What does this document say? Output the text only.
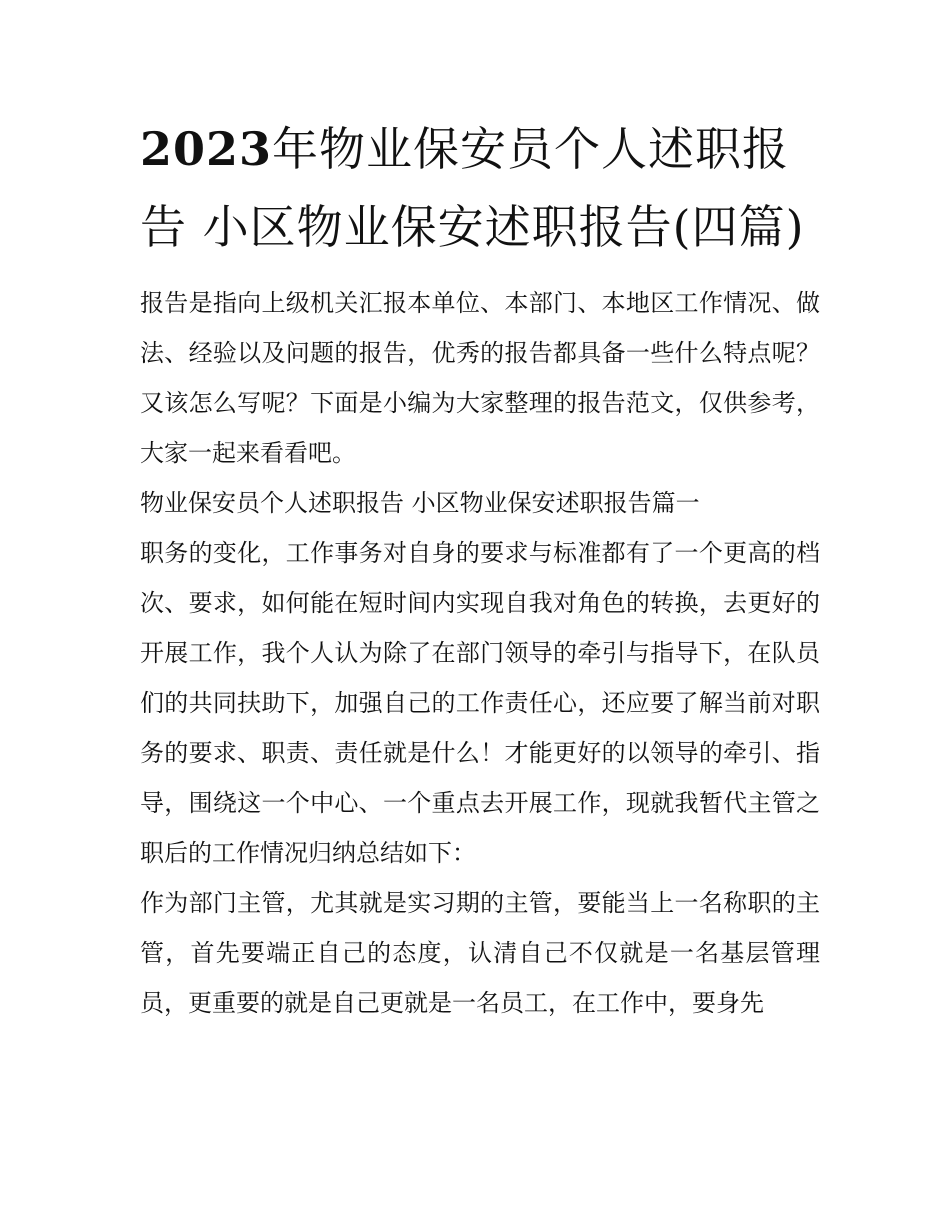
2023年物业保安员个人述职报告 小区物业保安述职报告(四篇)

报告是指向上级机关汇报本单位、本部门、本地区工作情况、做法、经验以及问题的报告，优秀的报告都具备一些什么特点呢？又该怎么写呢？下面是小编为大家整理的报告范文，仅供参考，大家一起来看看吧。

物业保安员个人述职报告 小区物业保安述职报告篇一

职务的变化，工作事务对自身的要求与标准都有了一个更高的档次、要求，如何能在短时间内实现自我对角色的转换，去更好的开展工作，我个人认为除了在部门领导的牵引与指导下，在队员们的共同扶助下，加强自己的工作责任心，还应要了解当前对职务的要求、职责、责任就是什么！才能更好的以领导的牵引、指导，围绕这一个中心、一个重点去开展工作，现就我暂代主管之职后的工作情况归纳总结如下：

作为部门主管，尤其就是实习期的主管，要能当上一名称职的主管，首先要端正自己的态度，认清自己不仅就是一名基层管理员，更重要的就是自己更就是一名员工，在工作中，要身先
